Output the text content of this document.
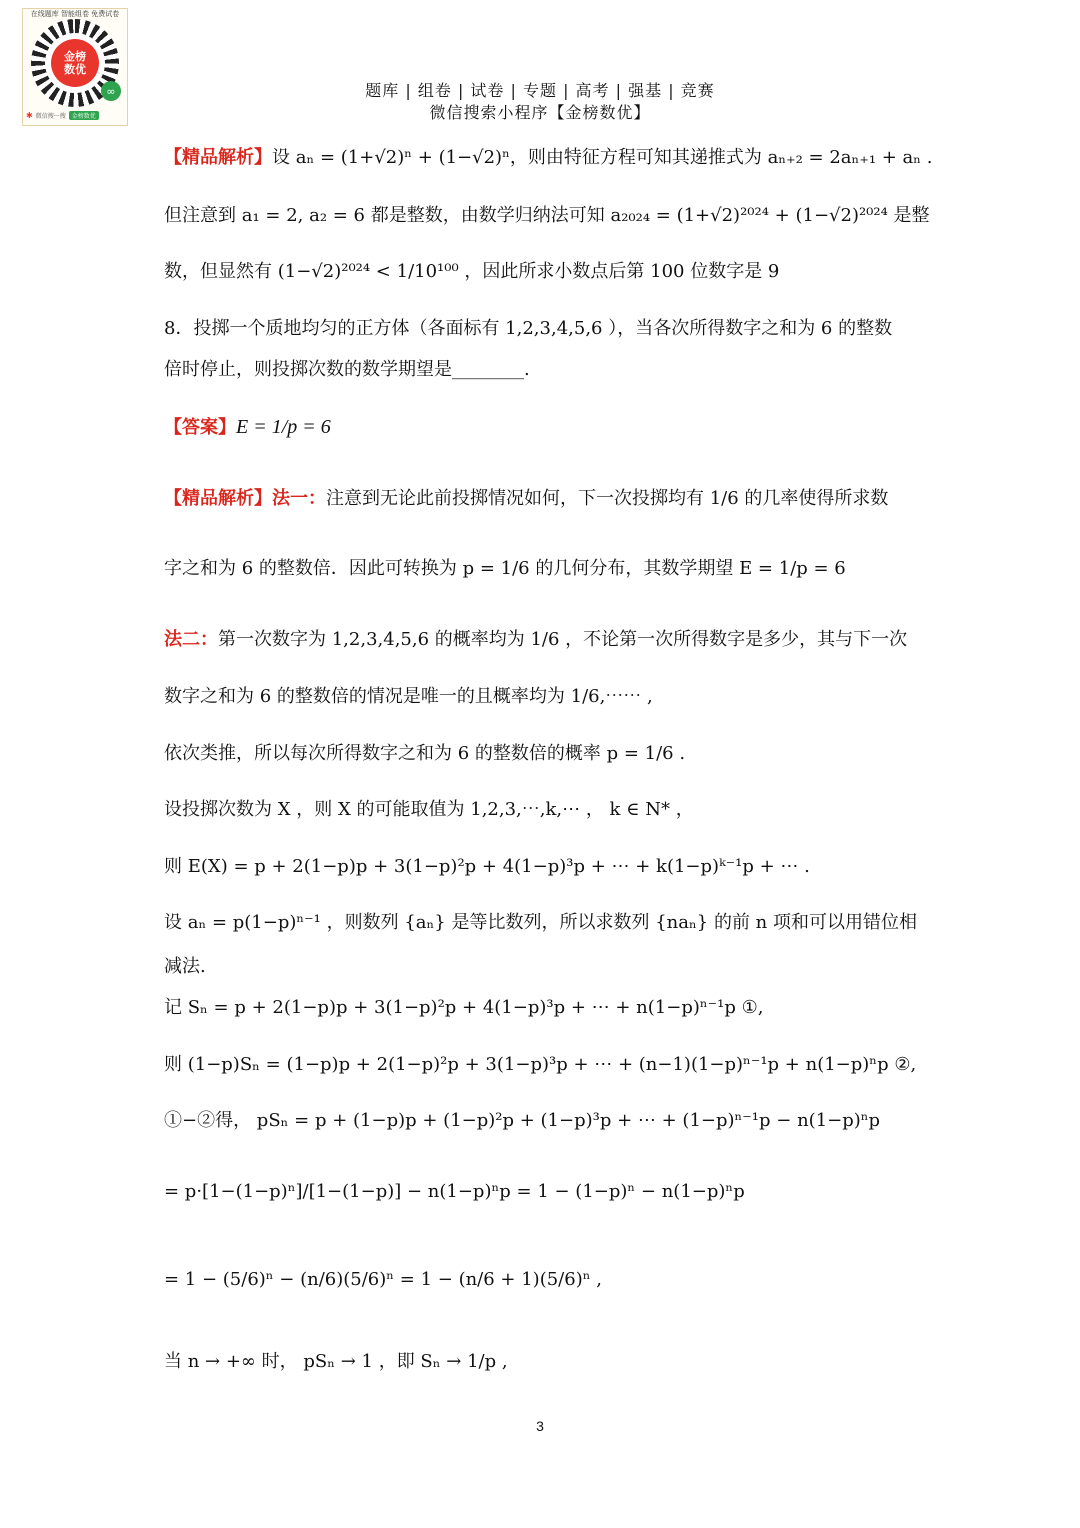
在线题库 智能组卷 免费试卷
金榜
数优
∞
✱ 微信搜一搜	金榜数优
题库 | 组卷 | 试卷 | 专题 | 高考 | 强基 | 竞赛
微信搜索小程序【金榜数优】
【精品解析】设 aₙ = (1+√2)ⁿ + (1−√2)ⁿ，则由特征方程可知其递推式为 aₙ₊₂ = 2aₙ₊₁ + aₙ .
但注意到 a₁ = 2, a₂ = 6 都是整数，由数学归纳法可知 a₂₀₂₄ = (1+√2)²⁰²⁴ + (1−√2)²⁰²⁴ 是整
数，但显然有 (1−√2)²⁰²⁴ < 1/10¹⁰⁰ ，因此所求小数点后第 100 位数字是 9
8．投掷一个质地均匀的正方体（各面标有 1,2,3,4,5,6 ），当各次所得数字之和为 6 的整数
倍时停止，则投掷次数的数学期望是________.
【答案】E = 1/p = 6
【精品解析】法一：注意到无论此前投掷情况如何，下一次投掷均有 1/6 的几率使得所求数
字之和为 6 的整数倍．因此可转换为 p = 1/6 的几何分布，其数学期望 E = 1/p = 6
法二：第一次数字为 1,2,3,4,5,6 的概率均为 1/6 ，不论第一次所得数字是多少，其与下一次
数字之和为 6 的整数倍的情况是唯一的且概率均为 1/6,⋯⋯ ,
依次类推，所以每次所得数字之和为 6 的整数倍的概率 p = 1/6 .
设投掷次数为 X ，则 X 的可能取值为 1,2,3,⋯,k,⋯ ， k ∈ N* ，
则 E(X) = p + 2(1−p)p + 3(1−p)²p + 4(1−p)³p + ⋯ + k(1−p)ᵏ⁻¹p + ⋯ .
设 aₙ = p(1−p)ⁿ⁻¹ ，则数列 {aₙ} 是等比数列，所以求数列 {naₙ} 的前 n 项和可以用错位相
减法.
记 Sₙ = p + 2(1−p)p + 3(1−p)²p + 4(1−p)³p + ⋯ + n(1−p)ⁿ⁻¹p ①,
则 (1−p)Sₙ = (1−p)p + 2(1−p)²p + 3(1−p)³p + ⋯ + (n−1)(1−p)ⁿ⁻¹p + n(1−p)ⁿp ②,
①−②得， pSₙ = p + (1−p)p + (1−p)²p + (1−p)³p + ⋯ + (1−p)ⁿ⁻¹p − n(1−p)ⁿp
= p·[1−(1−p)ⁿ]/[1−(1−p)] − n(1−p)ⁿp = 1 − (1−p)ⁿ − n(1−p)ⁿp
= 1 − (5/6)ⁿ − (n/6)(5/6)ⁿ = 1 − (n/6 + 1)(5/6)ⁿ ,
当 n → +∞ 时， pSₙ → 1 ，即 Sₙ → 1/p ,
3
